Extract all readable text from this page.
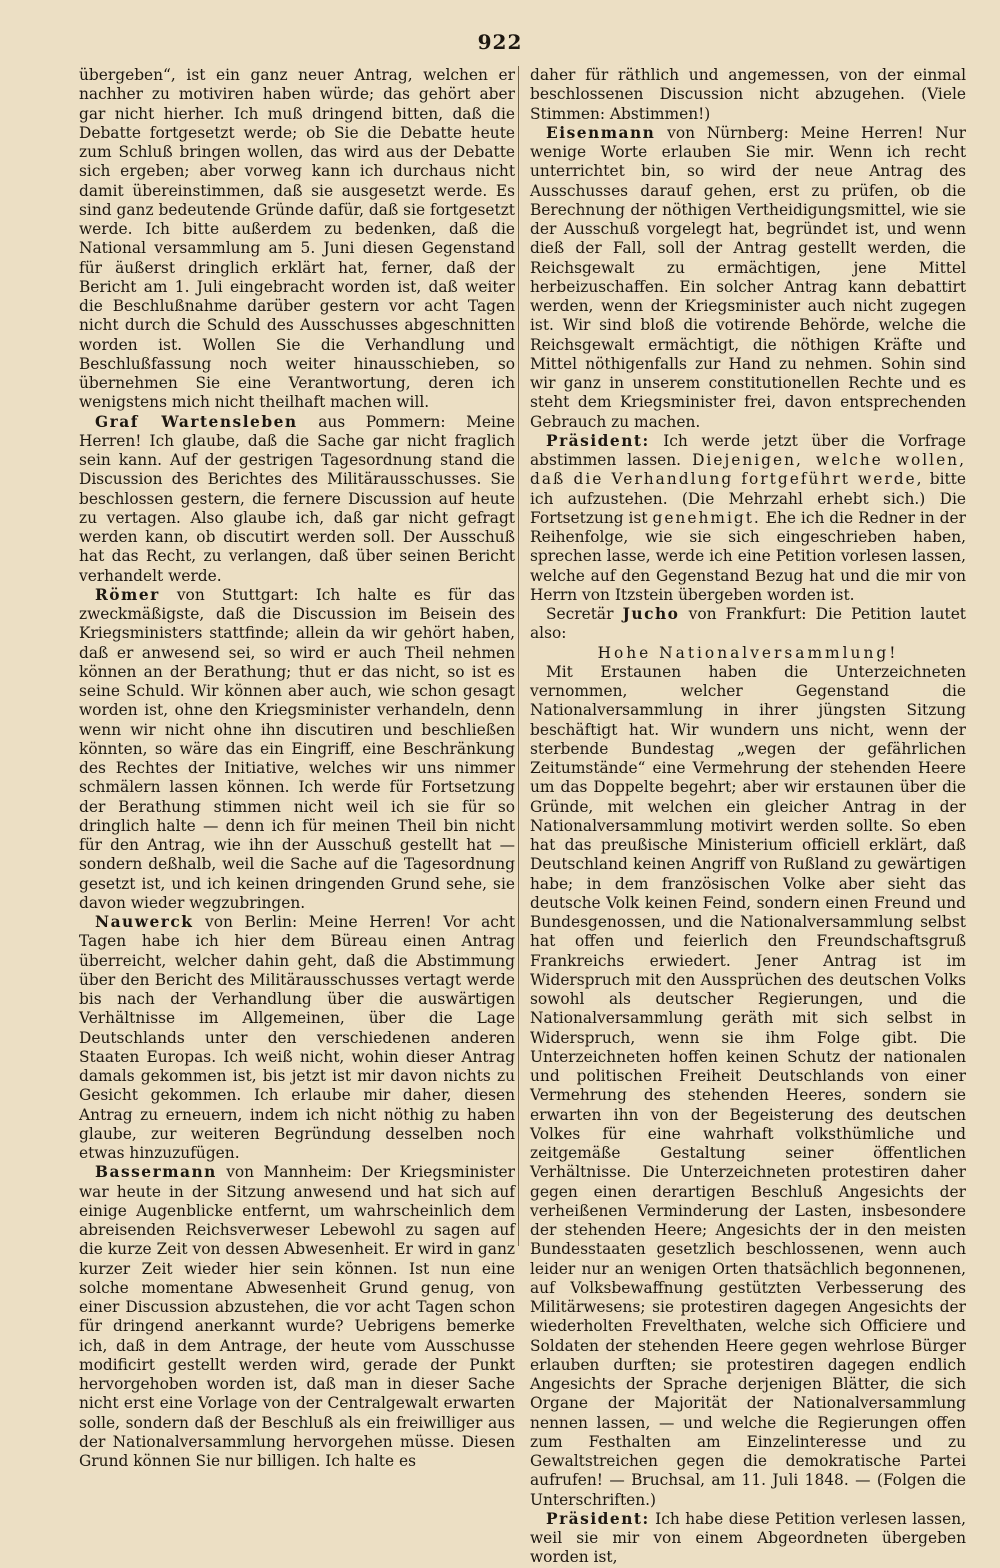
922

übergeben“, ist ein ganz neuer Antrag, welchen er nachher zu motiviren haben würde; das gehört aber gar nicht hierher. Ich muß dringend bitten, daß die Debatte fortgesetzt werde; ob Sie die Debatte heute zum Schluß bringen wollen, das wird aus der Debatte sich ergeben; aber vorweg kann ich durchaus nicht damit übereinstimmen, daß sie ausgesetzt werde. Es sind ganz bedeutende Gründe dafür, daß sie fortgesetzt werde. Ich bitte außerdem zu bedenken, daß die National versammlung am 5. Juni diesen Gegenstand für äußerst dringlich erklärt hat, ferner, daß der Bericht am 1. Juli eingebracht worden ist, daß weiter die Beschlußnahme darüber gestern vor acht Tagen nicht durch die Schuld des Ausschusses abgeschnitten worden ist. Wollen Sie die Verhandlung und Beschlußfassung noch weiter hinausschieben, so übernehmen Sie eine Verantwortung, deren ich wenigstens mich nicht theilhaft machen will.

Graf Wartensleben aus Pommern: Meine Herren! Ich glaube, daß die Sache gar nicht fraglich sein kann. Auf der gestrigen Tagesordnung stand die Discussion des Berichtes des Militärausschusses. Sie beschlossen gestern, die fernere Discussion auf heute zu vertagen. Also glaube ich, daß gar nicht gefragt werden kann, ob discutirt werden soll. Der Ausschuß hat das Recht, zu verlangen, daß über seinen Bericht verhandelt werde.

Römer von Stuttgart: Ich halte es für das zweckmäßigste, daß die Discussion im Beisein des Kriegsministers stattfinde; allein da wir gehört haben, daß er anwesend sei, so wird er auch Theil nehmen können an der Berathung; thut er das nicht, so ist es seine Schuld. Wir können aber auch, wie schon gesagt worden ist, ohne den Kriegsminister verhandeln, denn wenn wir nicht ohne ihn discutiren und beschließen könnten, so wäre das ein Eingriff, eine Beschränkung des Rechtes der Initiative, welches wir uns nimmer schmälern lassen können. Ich werde für Fortsetzung der Berathung stimmen nicht weil ich sie für so dringlich halte — denn ich für meinen Theil bin nicht für den Antrag, wie ihn der Ausschuß gestellt hat — sondern deßhalb, weil die Sache auf die Tagesordnung gesetzt ist, und ich keinen dringenden Grund sehe, sie davon wieder wegzubringen.

Nauwerck von Berlin: Meine Herren! Vor acht Tagen habe ich hier dem Büreau einen Antrag überreicht, welcher dahin geht, daß die Abstimmung über den Bericht des Militärausschusses vertagt werde bis nach der Verhandlung über die auswärtigen Verhältnisse im Allgemeinen, über die Lage Deutschlands unter den verschiedenen anderen Staaten Europas. Ich weiß nicht, wohin dieser Antrag damals gekommen ist, bis jetzt ist mir davon nichts zu Gesicht gekommen. Ich erlaube mir daher, diesen Antrag zu erneuern, indem ich nicht nöthig zu haben glaube, zur weiteren Begründung desselben noch etwas hinzuzufügen.

Bassermann von Mannheim: Der Kriegsminister war heute in der Sitzung anwesend und hat sich auf einige Augenblicke entfernt, um wahrscheinlich dem abreisenden Reichsverweser Lebewohl zu sagen auf die kurze Zeit von dessen Abwesenheit. Er wird in ganz kurzer Zeit wieder hier sein können. Ist nun eine solche momentane Abwesenheit Grund genug, von einer Discussion abzustehen, die vor acht Tagen schon für dringend anerkannt wurde? Uebrigens bemerke ich, daß in dem Antrage, der heute vom Ausschusse modificirt gestellt werden wird, gerade der Punkt hervorgehoben worden ist, daß man in dieser Sache nicht erst eine Vorlage von der Centralgewalt erwarten solle, sondern daß der Beschluß als ein freiwilliger aus der Nationalversammlung hervorgehen müsse. Diesen Grund können Sie nur billigen. Ich halte es

daher für räthlich und angemessen, von der einmal beschlossenen Discussion nicht abzugehen. (Viele Stimmen: Abstimmen!)

Eisenmann von Nürnberg: Meine Herren! Nur wenige Worte erlauben Sie mir. Wenn ich recht unterrichtet bin, so wird der neue Antrag des Ausschusses darauf gehen, erst zu prüfen, ob die Berechnung der nöthigen Vertheidigungsmittel, wie sie der Ausschuß vorgelegt hat, begründet ist, und wenn dieß der Fall, soll der Antrag gestellt werden, die Reichsgewalt zu ermächtigen, jene Mittel herbeizuschaffen. Ein solcher Antrag kann debattirt werden, wenn der Kriegsminister auch nicht zugegen ist. Wir sind bloß die votirende Behörde, welche die Reichsgewalt ermächtigt, die nöthigen Kräfte und Mittel nöthigenfalls zur Hand zu nehmen. Sohin sind wir ganz in unserem constitutionellen Rechte und es steht dem Kriegsminister frei, davon entsprechenden Gebrauch zu machen.

Präsident: Ich werde jetzt über die Vorfrage abstimmen lassen. Diejenigen, welche wollen, daß die Verhandlung fortgeführt werde, bitte ich aufzustehen. (Die Mehrzahl erhebt sich.) Die Fortsetzung ist genehmigt. Ehe ich die Redner in der Reihenfolge, wie sie sich eingeschrieben haben, sprechen lasse, werde ich eine Petition vorlesen lassen, welche auf den Gegenstand Bezug hat und die mir von Herrn von Itzstein übergeben worden ist.

Secretär Jucho von Frankfurt: Die Petition lautet also:

Hohe Nationalversammlung!

Mit Erstaunen haben die Unterzeichneten vernommen, welcher Gegenstand die Nationalversammlung in ihrer jüngsten Sitzung beschäftigt hat. Wir wundern uns nicht, wenn der sterbende Bundestag „wegen der gefährlichen Zeitumstände“ eine Vermehrung der stehenden Heere um das Doppelte begehrt; aber wir erstaunen über die Gründe, mit welchen ein gleicher Antrag in der Nationalversammlung motivirt werden sollte. So eben hat das preußische Ministerium officiell erklärt, daß Deutschland keinen Angriff von Rußland zu gewärtigen habe; in dem französischen Volke aber sieht das deutsche Volk keinen Feind, sondern einen Freund und Bundesgenossen, und die Nationalversammlung selbst hat offen und feierlich den Freundschaftsgruß Frankreichs erwiedert. Jener Antrag ist im Widerspruch mit den Aussprüchen des deutschen Volks sowohl als deutscher Regierungen, und die Nationalversammlung geräth mit sich selbst in Widerspruch, wenn sie ihm Folge gibt. Die Unterzeichneten hoffen keinen Schutz der nationalen und politischen Freiheit Deutschlands von einer Vermehrung des stehenden Heeres, sondern sie erwarten ihn von der Begeisterung des deutschen Volkes für eine wahrhaft volksthümliche und zeitgemäße Gestaltung seiner öffentlichen Verhältnisse. Die Unterzeichneten protestiren daher gegen einen derartigen Beschluß Angesichts der verheißenen Verminderung der Lasten, insbesondere der stehenden Heere; Angesichts der in den meisten Bundesstaaten gesetzlich beschlossenen, wenn auch leider nur an wenigen Orten thatsächlich begonnenen, auf Volksbewaffnung gestützten Verbesserung des Militärwesens; sie protestiren dagegen Angesichts der wiederholten Frevelthaten, welche sich Officiere und Soldaten der stehenden Heere gegen wehrlose Bürger erlauben durften; sie protestiren dagegen endlich Angesichts der Sprache derjenigen Blätter, die sich Organe der Majorität der Nationalversammlung nennen lassen, — und welche die Regierungen offen zum Festhalten am Einzelinteresse und zu Gewaltstreichen gegen die demokratische Partei aufrufen! — Bruchsal, am 11. Juli 1848. — (Folgen die Unterschriften.)

Präsident: Ich habe diese Petition verlesen lassen, weil sie mir von einem Abgeordneten übergeben worden ist,
